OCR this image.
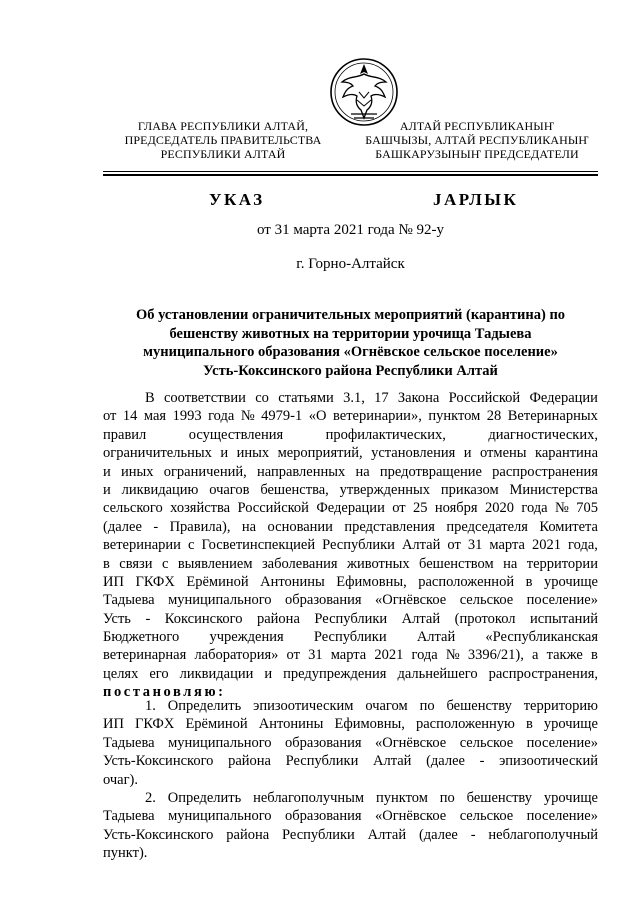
ГЛАВА РЕСПУБЛИКИ АЛТАЙ,
ПРЕДСЕДАТЕЛЬ ПРАВИТЕЛЬСТВА
РЕСПУБЛИКИ АЛТАЙ
АЛТАЙ РЕСПУБЛИКАНЫҤ
БАШЧЫЗЫ, АЛТАЙ РЕСПУБЛИКАНЫҤ
БАШКАРУЗЫНЫҤ ПРЕДСЕДАТЕЛИ
УКАЗ	JАРЛЫК
от 31 марта 2021 года № 92-у
г. Горно-Алтайск
Об установлении ограничительных мероприятий (карантина) по
бешенству животных на территории урочища Тадыева
муниципального образования «Огнёвское сельское поселение»
Усть-Коксинского района Республики Алтай
В соответствии со статьями 3.1, 17 Закона Российской Федерации
от 14 мая 1993 года № 4979-1 «О ветеринарии», пунктом 28 Ветеринарных
правил	осуществления	профилактических,	диагностических,
ограничительных и иных мероприятий, установления и отмены карантина
и иных ограничений, направленных на предотвращение распространения
и ликвидацию очагов бешенства, утвержденных приказом Министерства
сельского хозяйства Российской Федерации от 25 ноября 2020 года № 705
(далее - Правила), на основании представления председателя Комитета
ветеринарии с Госветинспекцией Республики Алтай от 31 марта 2021 года,
в связи с выявлением заболевания животных бешенством на территории
ИП ГКФХ Ерёминой Антонины Ефимовны, расположенной в урочище
Тадыева муниципального образования «Огнёвское сельское поселение»
Усть - Коксинского района Республики Алтай (протокол испытаний
Бюджетного учреждения Республики Алтай «Республиканская
ветеринарная лаборатория» от 31 марта 2021 года № 3396/21), а также в
целях его ликвидации и предупреждения дальнейшего распространения,
постановляю:
1. Определить эпизоотическим очагом по бешенству территорию
ИП ГКФХ Ерёминой Антонины Ефимовны, расположенную в урочище
Тадыева муниципального образования «Огнёвское сельское поселение»
Усть-Коксинского района Республики Алтай (далее - эпизоотический
очаг).
2. Определить неблагополучным пунктом по бешенству урочище
Тадыева муниципального образования «Огнёвское сельское поселение»
Усть-Коксинского района Республики Алтай (далее - неблагополучный
пункт).
